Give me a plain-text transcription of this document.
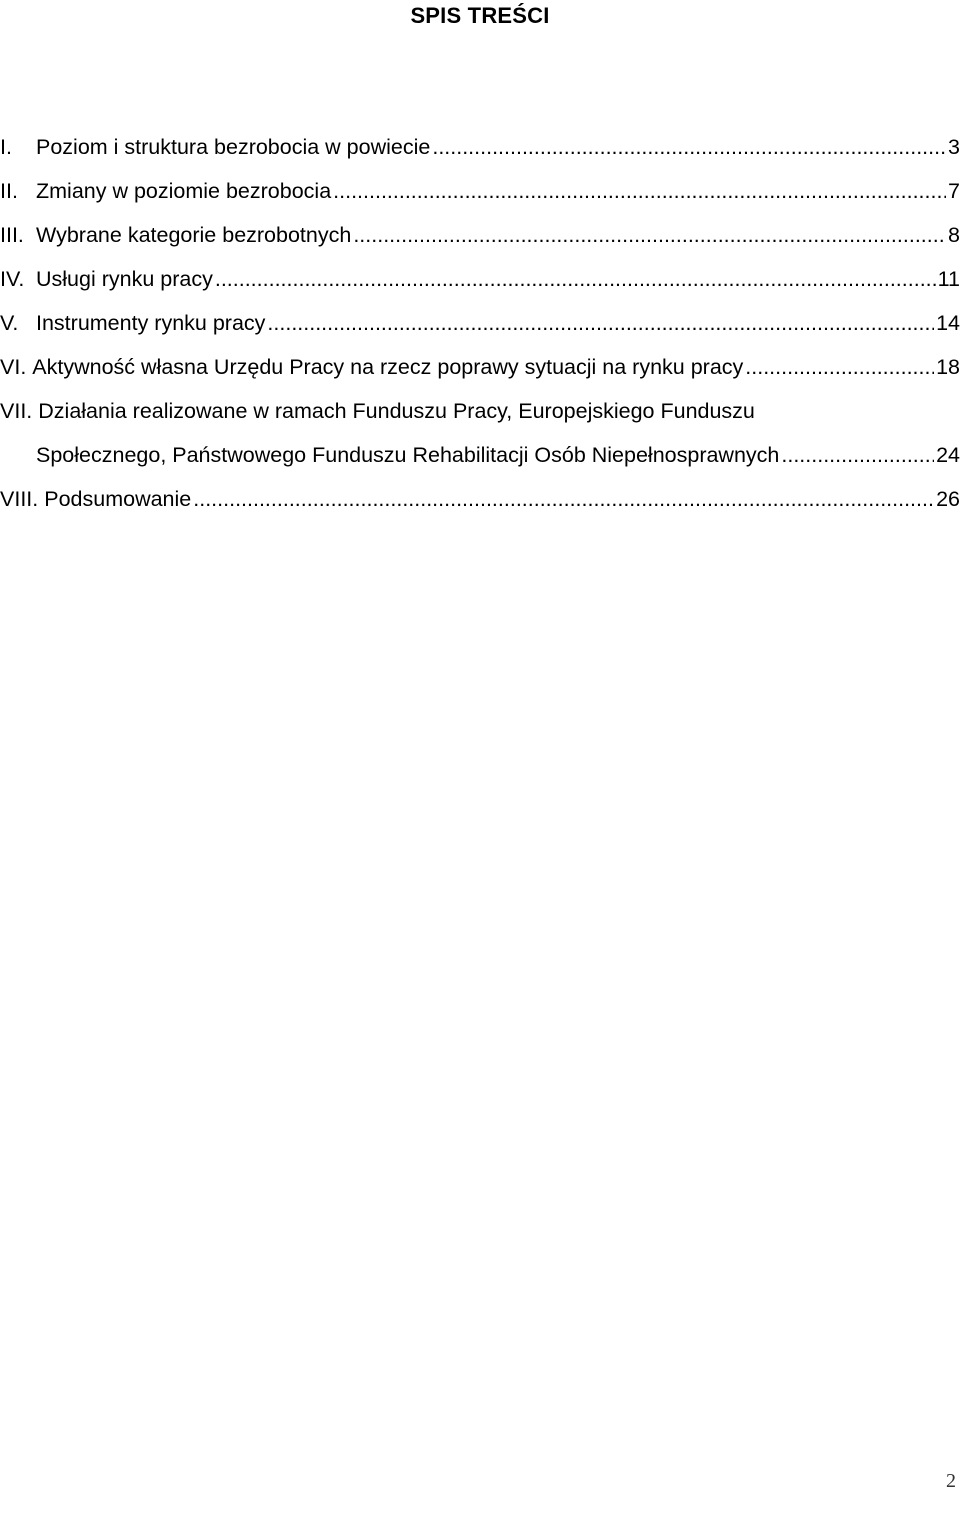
SPIS TREŚCI
I.	Poziom i struktura bezrobocia w powiecie .....	3
II. Zmiany w poziomie bezrobocia .....	7
III. Wybrane kategorie bezrobotnych .....	8
IV. Usługi rynku pracy .....	11
V. Instrumenty rynku pracy .....	14
VI. Aktywność własna Urzędu Pracy na rzecz poprawy sytuacji na rynku pracy .....	18
VII. Działania realizowane w ramach Funduszu Pracy, Europejskiego Funduszu
Społecznego, Państwowego Funduszu Rehabilitacji Osób Niepełnosprawnych .....	24
VIII. Podsumowanie .....	26
2
